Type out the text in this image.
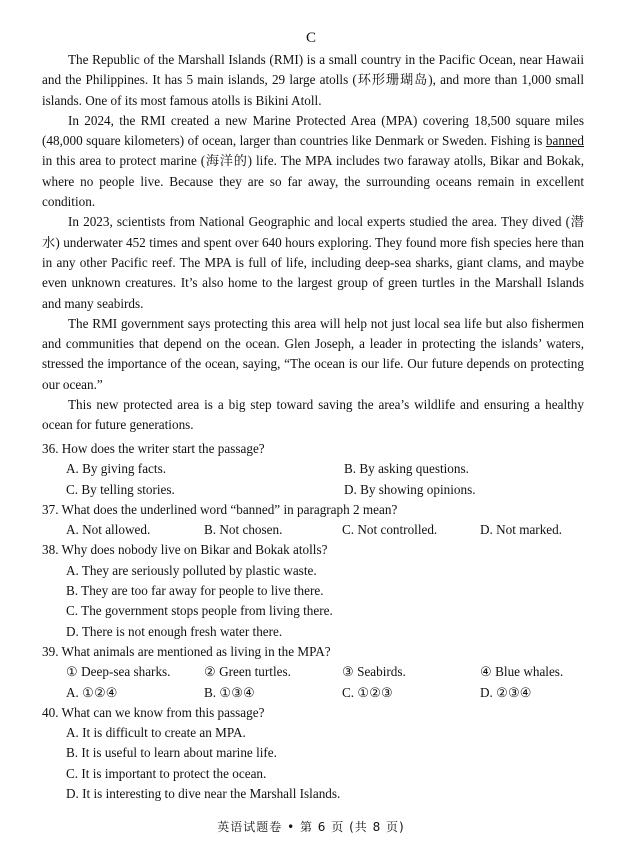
C

The Republic of the Marshall Islands (RMI) is a small country in the Pacific Ocean, near Hawaii and the Philippines. It has 5 main islands, 29 large atolls (环形珊瑚岛), and more than 1,000 small islands. One of its most famous atolls is Bikini Atoll.

In 2024, the RMI created a new Marine Protected Area (MPA) covering 18,500 square miles (48,000 square kilometers) of ocean, larger than countries like Denmark or Sweden. Fishing is banned in this area to protect marine (海洋的) life. The MPA includes two faraway atolls, Bikar and Bokak, where no people live. Because they are so far away, the surrounding oceans remain in excellent condition.

In 2023, scientists from National Geographic and local experts studied the area. They dived (潜水) underwater 452 times and spent over 640 hours exploring. They found more fish species here than in any other Pacific reef. The MPA is full of life, including deep-sea sharks, giant clams, and maybe even unknown creatures. It’s also home to the largest group of green turtles in the Marshall Islands and many seabirds.

The RMI government says protecting this area will help not just local sea life but also fishermen and communities that depend on the ocean. Glen Joseph, a leader in protecting the islands’ waters, stressed the importance of the ocean, saying, “The ocean is our life. Our future depends on protecting our ocean.”

This new protected area is a big step toward saving the area’s wildlife and ensuring a healthy ocean for future generations.

36. How does the writer start the passage?
A. By giving facts.	B. By asking questions.
C. By telling stories.	D. By showing opinions.
37. What does the underlined word “banned” in paragraph 2 mean?
A. Not allowed.	B. Not chosen.	C. Not controlled.	D. Not marked.
38. Why does nobody live on Bikar and Bokak atolls?
A. They are seriously polluted by plastic waste.
B. They are too far away for people to live there.
C. The government stops people from living there.
D. There is not enough fresh water there.
39. What animals are mentioned as living in the MPA?
① Deep-sea sharks.	② Green turtles.	③ Seabirds.	④ Blue whales.
A. ①②④	B. ①③④	C. ①②③	D. ②③④
40. What can we know from this passage?
A. It is difficult to create an MPA.
B. It is useful to learn about marine life.
C. It is important to protect the ocean.
D. It is interesting to dive near the Marshall Islands.
英语试题卷 • 第 6 页 (共 8 页)
